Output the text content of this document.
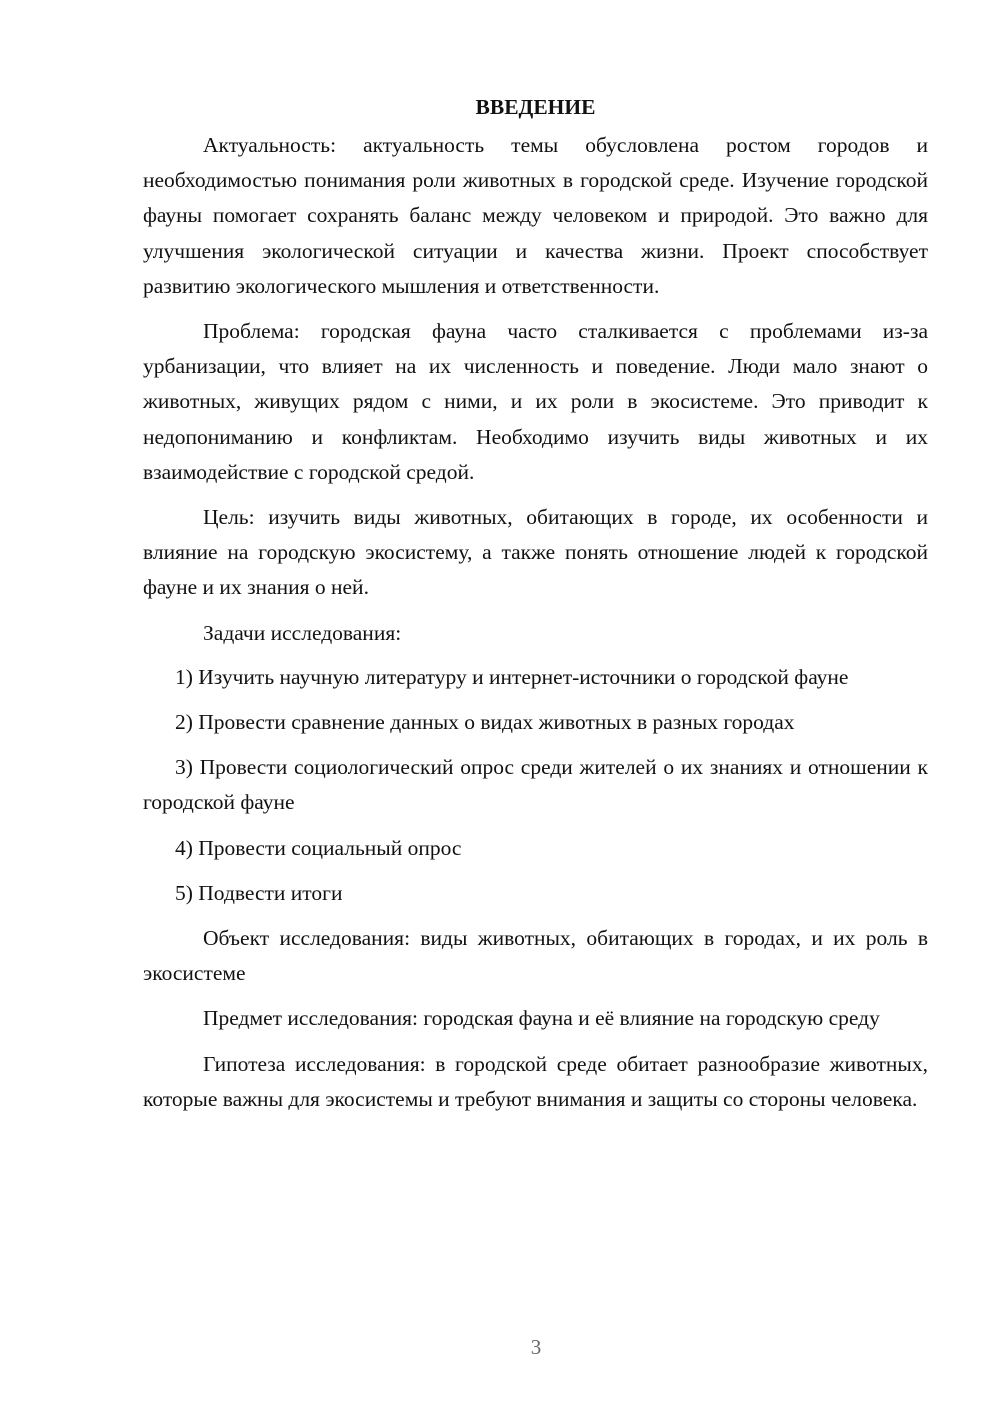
ВВЕДЕНИЕ

Актуальность: актуальность темы обусловлена ростом городов и необходимостью понимания роли животных в городской среде. Изучение городской фауны помогает сохранять баланс между человеком и природой. Это важно для улучшения экологической ситуации и качества жизни. Проект способствует развитию экологического мышления и ответственности.

Проблема: городская фауна часто сталкивается с проблемами из-за урбанизации, что влияет на их численность и поведение. Люди мало знают о животных, живущих рядом с ними, и их роли в экосистеме. Это приводит к недопониманию и конфликтам. Необходимо изучить виды животных и их взаимодействие с городской средой.

Цель: изучить виды животных, обитающих в городе, их особенности и влияние на городскую экосистему, а также понять отношение людей к городской фауне и их знания о ней.

Задачи исследования:

1) Изучить научную литературу и интернет-источники о городской фауне

2) Провести сравнение данных о видах животных в разных городах

3) Провести социологический опрос среди жителей о их знаниях и отношении к городской фауне

4) Провести социальный опрос

5) Подвести итоги

Объект исследования: виды животных, обитающих в городах, и их роль в экосистеме

Предмет исследования: городская фауна и её влияние на городскую среду

Гипотеза исследования: в городской среде обитает разнообразие животных, которые важны для экосистемы и требуют внимания и защиты со стороны человека.

3
